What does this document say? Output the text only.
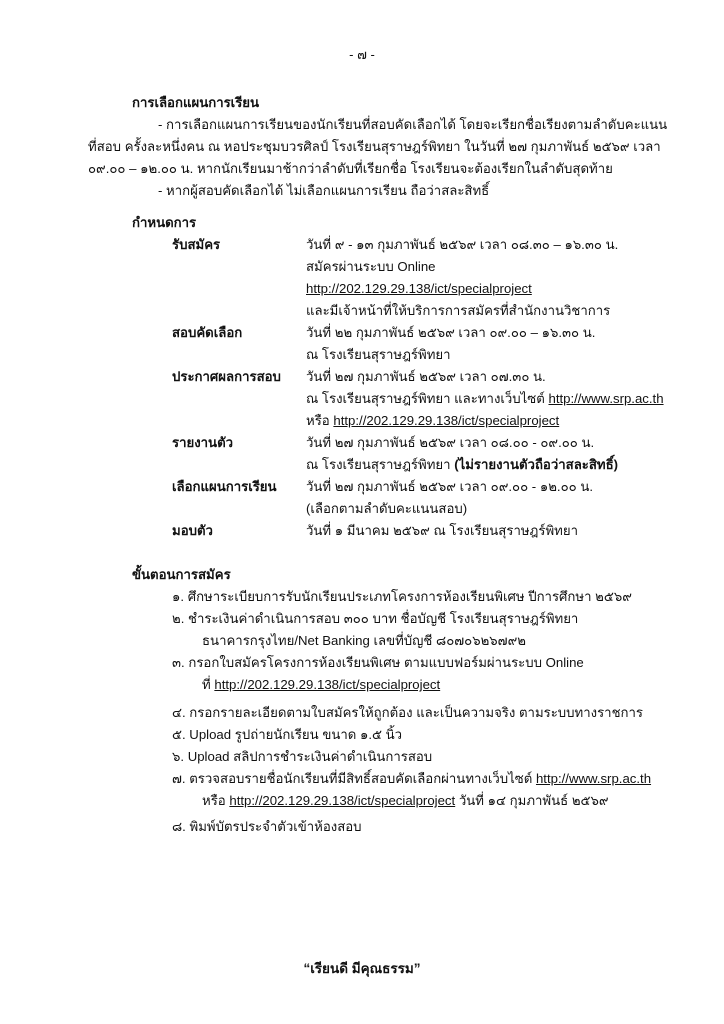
- ๗ -
การเลือกแผนการเรียน
- การเลือกแผนการเรียนของนักเรียนที่สอบคัดเลือกได้ โดยจะเรียกชื่อเรียงตามลำดับคะแนน
ที่สอบ ครั้งละหนึ่งคน ณ หอประชุมบวรศิลป์ โรงเรียนสุราษฎร์พิทยา ในวันที่ ๒๗ กุมภาพันธ์ ๒๕๖๙ เวลา
๐๙.๐๐ – ๑๒.๐๐ น. หากนักเรียนมาช้ากว่าลำดับที่เรียกชื่อ โรงเรียนจะต้องเรียกในลำดับสุดท้าย
- หากผู้สอบคัดเลือกได้ ไม่เลือกแผนการเรียน ถือว่าสละสิทธิ์
กำหนดการ
รับสมัคร	วันที่ ๙ - ๑๓ กุมภาพันธ์ ๒๕๖๙ เวลา ๐๘.๓๐ – ๑๖.๓๐ น.
สมัครผ่านระบบ Online
http://202.129.29.138/ict/specialproject
และมีเจ้าหน้าที่ให้บริการการสมัครที่สำนักงานวิชาการ
สอบคัดเลือก	วันที่ ๒๒ กุมภาพันธ์ ๒๕๖๙ เวลา ๐๙.๐๐ – ๑๖.๓๐ น.
ณ โรงเรียนสุราษฎร์พิทยา
ประกาศผลการสอบ วันที่ ๒๗ กุมภาพันธ์ ๒๕๖๙ เวลา ๐๗.๓๐ น.
ณ โรงเรียนสุราษฎร์พิทยา และทางเว็บไซต์ http://www.srp.ac.th
หรือ http://202.129.29.138/ict/specialproject
รายงานตัว	วันที่ ๒๗ กุมภาพันธ์ ๒๕๖๙ เวลา ๐๘.๐๐ - ๐๙.๐๐ น.
ณ โรงเรียนสุราษฎร์พิทยา (ไม่รายงานตัวถือว่าสละสิทธิ์)
เลือกแผนการเรียน วันที่ ๒๗ กุมภาพันธ์ ๒๕๖๙ เวลา ๐๙.๐๐ - ๑๒.๐๐ น.
(เลือกตามลำดับคะแนนสอบ)
มอบตัว	วันที่ ๑ มีนาคม ๒๕๖๙ ณ โรงเรียนสุราษฎร์พิทยา
ขั้นตอนการสมัคร
๑. ศึกษาระเบียบการรับนักเรียนประเภทโครงการห้องเรียนพิเศษ ปีการศึกษา ๒๕๖๙
๒. ชำระเงินค่าดำเนินการสอบ ๓๐๐ บาท ชื่อบัญชี โรงเรียนสุราษฎร์พิทยา
ธนาคารกรุงไทย/Net Banking เลขที่บัญชี ๘๐๗๐๖๒๖๗๙๒
๓. กรอกใบสมัครโครงการห้องเรียนพิเศษ ตามแบบฟอร์มผ่านระบบ Online
ที่ http://202.129.29.138/ict/specialproject
๔. กรอกรายละเอียดตามใบสมัครให้ถูกต้อง และเป็นความจริง ตามระบบทางราชการ
๕. Upload รูปถ่ายนักเรียน ขนาด ๑.๕ นิ้ว
๖. Upload สลิปการชำระเงินค่าดำเนินการสอบ
๗. ตรวจสอบรายชื่อนักเรียนที่มีสิทธิ์สอบคัดเลือกผ่านทางเว็บไซต์ http://www.srp.ac.th
หรือ http://202.129.29.138/ict/specialproject วันที่ ๑๔ กุมภาพันธ์ ๒๕๖๙
๘. พิมพ์บัตรประจำตัวเข้าห้องสอบ
“เรียนดี มีคุณธรรม”
